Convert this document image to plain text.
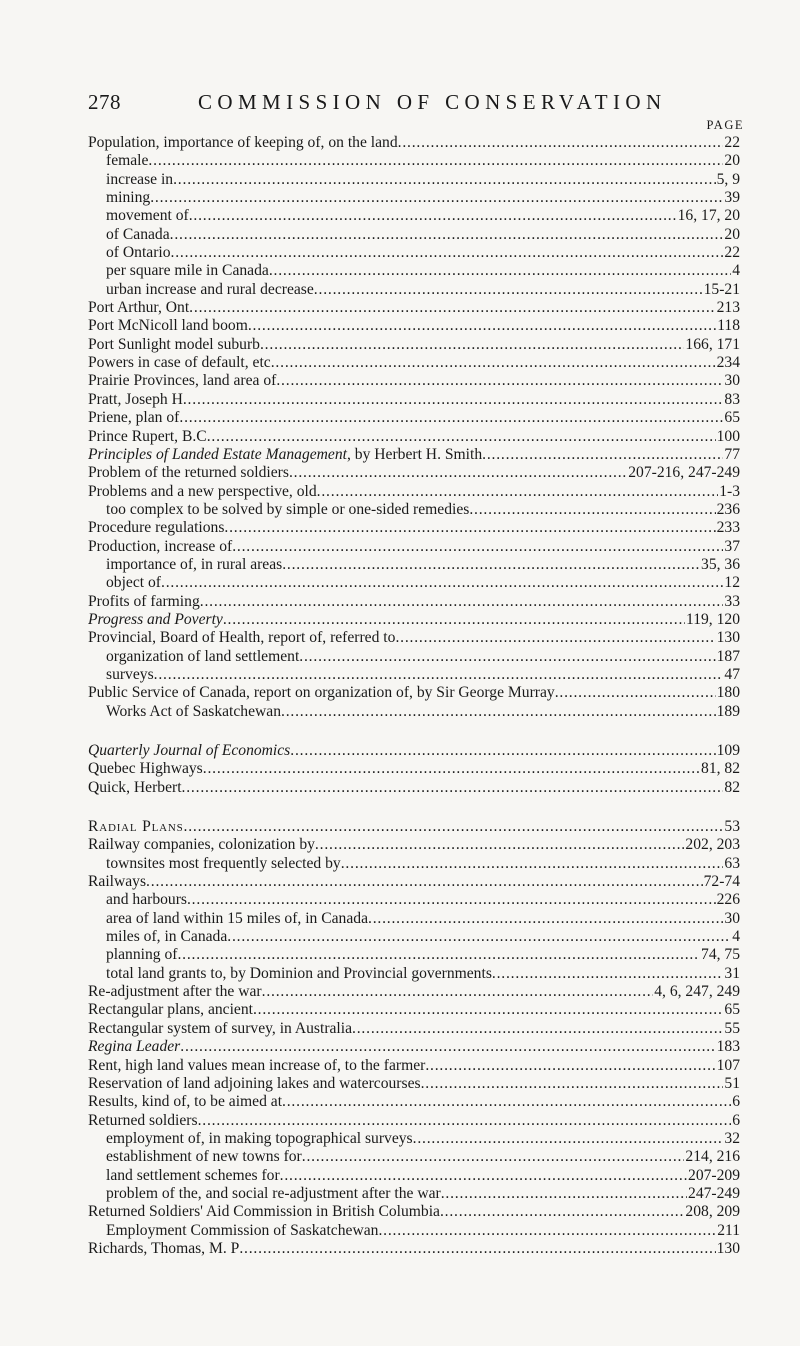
278	COMMISSION OF CONSERVATION
PAGE
Population, importance of keeping of, on the land . . .	22
female . . .	20
increase in . . .	5, 9
mining . . .	39
movement of . . .	16, 17, 20
of Canada . . .	20
of Ontario . . .	22
per square mile in Canada . . .	4
urban increase and rural decrease . . .	15-21
Port Arthur, Ont . . .	213
Port McNicoll land boom . . .	118
Port Sunlight model suburb . . .	166, 171
Powers in case of default, etc . . .	234
Prairie Provinces, land area of . . .	30
Pratt, Joseph H . . .	83
Priene, plan of . . .	65
Prince Rupert, B.C . . .	100
Principles of Landed Estate Management, by Herbert H. Smith . . .	77
Problem of the returned soldiers . . .	207-216, 247-249
Problems and a new perspective, old . . .	1-3
too complex to be solved by simple or one-sided remedies . . .	236
Procedure regulations . . .	233
Production, increase of . . .	37
importance of, in rural areas . . .	35, 36
object of . . .	12
Profits of farming . . .	33
Progress and Poverty . . .	119, 120
Provincial, Board of Health, report of, referred to . . .	130
organization of land settlement . . .	187
surveys . . .	47
Public Service of Canada, report on organization of, by Sir George Murray . . .	180
Works Act of Saskatchewan . . .	189
Quarterly Journal of Economics . . .	109
Quebec Highways . . .	81, 82
Quick, Herbert . . .	82
Radial Plans . . .	53
Railway companies, colonization by . . .	202, 203
townsites most frequently selected by . . .	63
Railways . . .	72-74
and harbours . . .	226
area of land within 15 miles of, in Canada . . .	30
miles of, in Canada . . .	4
planning of . . .	74, 75
total land grants to, by Dominion and Provincial governments . . .	31
Re-adjustment after the war . . .	4, 6, 247, 249
Rectangular plans, ancient . . .	65
Rectangular system of survey, in Australia . . .	55
Regina Leader . . .	183
Rent, high land values mean increase of, to the farmer . . .	107
Reservation of land adjoining lakes and watercourses . . .	51
Results, kind of, to be aimed at . . .	6
Returned soldiers . . .	6
employment of, in making topographical surveys . . .	32
establishment of new towns for . . .	214, 216
land settlement schemes for . . .	207-209
problem of the, and social re-adjustment after the war . . .	247-249
Returned Soldiers' Aid Commission in British Columbia . . .	208, 209
Employment Commission of Saskatchewan . . .	211
Richards, Thomas, M. P . . .	130
